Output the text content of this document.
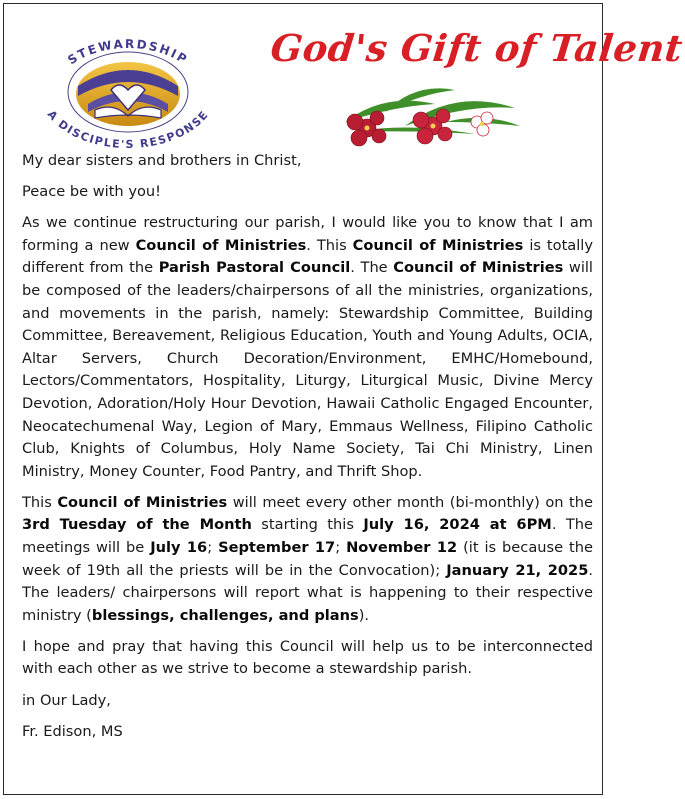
STEWARDSHIP
A DISCIPLE'S RESPONSE
God's Gift of Talent

My dear sisters and brothers in Christ,

Peace be with you!

As we continue restructuring our parish, I would like you to know that I am forming a new Council of Ministries. This Council of Ministries is totally different from the Parish Pastoral Council. The Council of Ministries will be composed of the leaders/chairpersons of all the ministries, organizations, and movements in the parish, namely: Stewardship Committee, Building Committee, Bereavement, Religious Education, Youth and Young Adults, OCIA, Altar Servers, Church Decoration/Environment, EMHC/Homebound, Lectors/Commentators, Hospitality, Liturgy, Liturgical Music, Divine Mercy Devotion, Adoration/Holy Hour Devotion, Hawaii Catholic Engaged Encounter, Neocatechumenal Way, Legion of Mary, Emmaus Wellness, Filipino Catholic Club, Knights of Columbus, Holy Name Society, Tai Chi Ministry, Linen Ministry, Money Counter, Food Pantry, and Thrift Shop.

This Council of Ministries will meet every other month (bi-monthly) on the 3rd Tuesday of the Month starting this July 16, 2024 at 6PM. The meetings will be July 16; September 17; November 12 (it is because the week of 19th all the priests will be in the Convocation); January 21, 2025. The leaders/ chairpersons will report what is happening to their respective ministry (blessings, challenges, and plans).

I hope and pray that having this Council will help us to be interconnected with each other as we strive to become a stewardship parish.

in Our Lady,

Fr. Edison, MS
